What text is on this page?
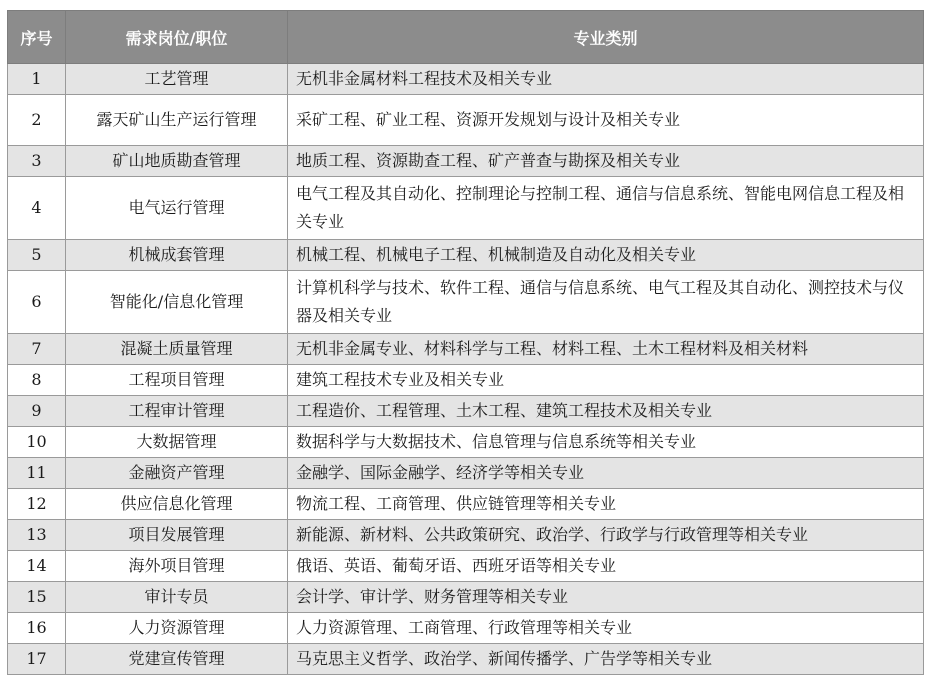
序号	需求岗位/职位	专业类别
1	工艺管理	无机非金属材料工程技术及相关专业
2	露天矿山生产运行管理	采矿工程、矿业工程、资源开发规划与设计及相关专业
3	矿山地质勘查管理	地质工程、资源勘查工程、矿产普查与勘探及相关专业
4	电气运行管理	电气工程及其自动化、控制理论与控制工程、通信与信息系统、智能电网信息工程及相关专业
5	机械成套管理	机械工程、机械电子工程、机械制造及自动化及相关专业
6	智能化/信息化管理	计算机科学与技术、软件工程、通信与信息系统、电气工程及其自动化、测控技术与仪器及相关专业
7	混凝土质量管理	无机非金属专业、材料科学与工程、材料工程、土木工程材料及相关材料
8	工程项目管理	建筑工程技术专业及相关专业
9	工程审计管理	工程造价、工程管理、土木工程、建筑工程技术及相关专业
10	大数据管理	数据科学与大数据技术、信息管理与信息系统等相关专业
11	金融资产管理	金融学、国际金融学、经济学等相关专业
12	供应信息化管理	物流工程、工商管理、供应链管理等相关专业
13	项目发展管理	新能源、新材料、公共政策研究、政治学、行政学与行政管理等相关专业
14	海外项目管理	俄语、英语、葡萄牙语、西班牙语等相关专业
15	审计专员	会计学、审计学、财务管理等相关专业
16	人力资源管理	人力资源管理、工商管理、行政管理等相关专业
17	党建宣传管理	马克思主义哲学、政治学、新闻传播学、广告学等相关专业
